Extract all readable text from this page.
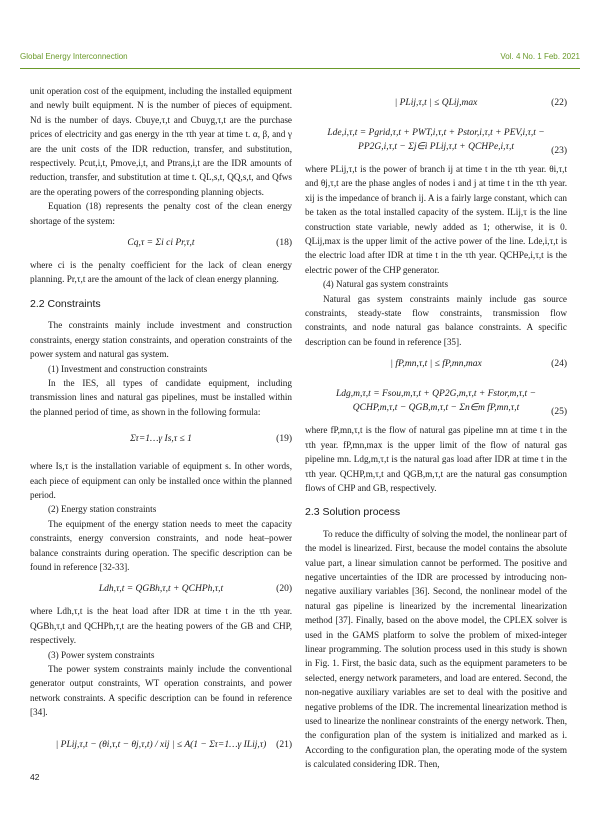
Global Energy Interconnection	Vol. 4 No. 1 Feb. 2021

unit operation cost of the equipment, including the installed equipment and newly built equipment. N is the number of pieces of equipment. Nd is the number of days. Cbuye,τ,t and Cbuyg,τ,t are the purchase prices of electricity and gas energy in the τth year at time t. α, β, and γ are the unit costs of the IDR reduction, transfer, and substitution, respectively. Pcut,i,t, Pmove,i,t, and Ptrans,i,t are the IDR amounts of reduction, transfer, and substitution at time t. QL,s,t, QQ,s,t, and Qfws are the operating powers of the corresponding planning objects.

Equation (18) represents the penalty cost of the clean energy shortage of the system:

Cq,τ = Σi ci Pr,τ,t	(18)

where ci is the penalty coefficient for the lack of clean energy planning. Pr,τ,t are the amount of the lack of clean energy planning.

2.2 Constraints

The constraints mainly include investment and construction constraints, energy station constraints, and operation constraints of the power system and natural gas system.

(1) Investment and construction constraints

In the IES, all types of candidate equipment, including transmission lines and natural gas pipelines, must be installed within the planned period of time, as shown in the following formula:

Στ=1…γ Is,τ ≤ 1	(19)

where Is,τ is the installation variable of equipment s. In other words, each piece of equipment can only be installed once within the planned period.

(2) Energy station constraints

The equipment of the energy station needs to meet the capacity constraints, energy conversion constraints, and node heat–power balance constraints during operation. The specific description can be found in reference [32-33].

Ldh,τ,t = QGBh,τ,t + QCHPh,τ,t	(20)

where Ldh,τ,t is the heat load after IDR at time t in the τth year. QGBh,τ,t and QCHPh,τ,t are the heating powers of the GB and CHP, respectively.

(3) Power system constraints

The power system constraints mainly include the conventional generator output constraints, WT operation constraints, and power network constraints. A specific description can be found in reference [34].

| PLij,τ,t − (θi,τ,t − θj,τ,t) / xij | ≤ A(1 − Στ=1…γ ILij,τ)	(21)
| PLij,τ,t | ≤ QLij,max	(22)
Lde,i,τ,t = Pgrid,τ,t + PWT,i,τ,t + Pstor,i,τ,t + PEV,i,τ,t −
PP2G,i,τ,t − Σj∈i PLij,τ,t + QCHPe,i,τ,t	(23)

where PLij,τ,t is the power of branch ij at time t in the τth year. θi,τ,t and θj,τ,t are the phase angles of nodes i and j at time t in the τth year. xij is the impedance of branch ij. A is a fairly large constant, which can be taken as the total installed capacity of the system. ILij,τ is the line construction state variable, newly added as 1; otherwise, it is 0. QLij,max is the upper limit of the active power of the line. Lde,i,τ,t is the electric load after IDR at time t in the τth year. QCHPe,i,τ,t is the electric power of the CHP generator.

(4) Natural gas system constraints

Natural gas system constraints mainly include gas source constraints, steady-state flow constraints, transmission flow constraints, and node natural gas balance constraints. A specific description can be found in reference [35].

| fP,mn,τ,t | ≤ fP,mn,max	(24)
Ldg,m,τ,t = Fsou,m,τ,t + QP2G,m,τ,t + Fstor,m,τ,t −
QCHP,m,τ,t − QGB,m,τ,t − Σn∈m fP,mn,τ,t	(25)

where fP,mn,τ,t is the flow of natural gas pipeline mn at time t in the τth year. fP,mn,max is the upper limit of the flow of natural gas pipeline mn. Ldg,m,τ,t is the natural gas load after IDR at time t in the τth year. QCHP,m,τ,t and QGB,m,τ,t are the natural gas consumption flows of CHP and GB, respectively.

2.3 Solution process

To reduce the difficulty of solving the model, the nonlinear part of the model is linearized. First, because the model contains the absolute value part, a linear simulation cannot be performed. The positive and negative uncertainties of the IDR are processed by introducing non-negative auxiliary variables [36]. Second, the nonlinear model of the natural gas pipeline is linearized by the incremental linearization method [37]. Finally, based on the above model, the CPLEX solver is used in the GAMS platform to solve the problem of mixed-integer linear programming. The solution process used in this study is shown in Fig. 1. First, the basic data, such as the equipment parameters to be selected, energy network parameters, and load are entered. Second, the non-negative auxiliary variables are set to deal with the positive and negative problems of the IDR. The incremental linearization method is used to linearize the nonlinear constraints of the energy network. Then, the configuration plan of the system is initialized and marked as i. According to the configuration plan, the operating mode of the system is calculated considering IDR. Then,

42
